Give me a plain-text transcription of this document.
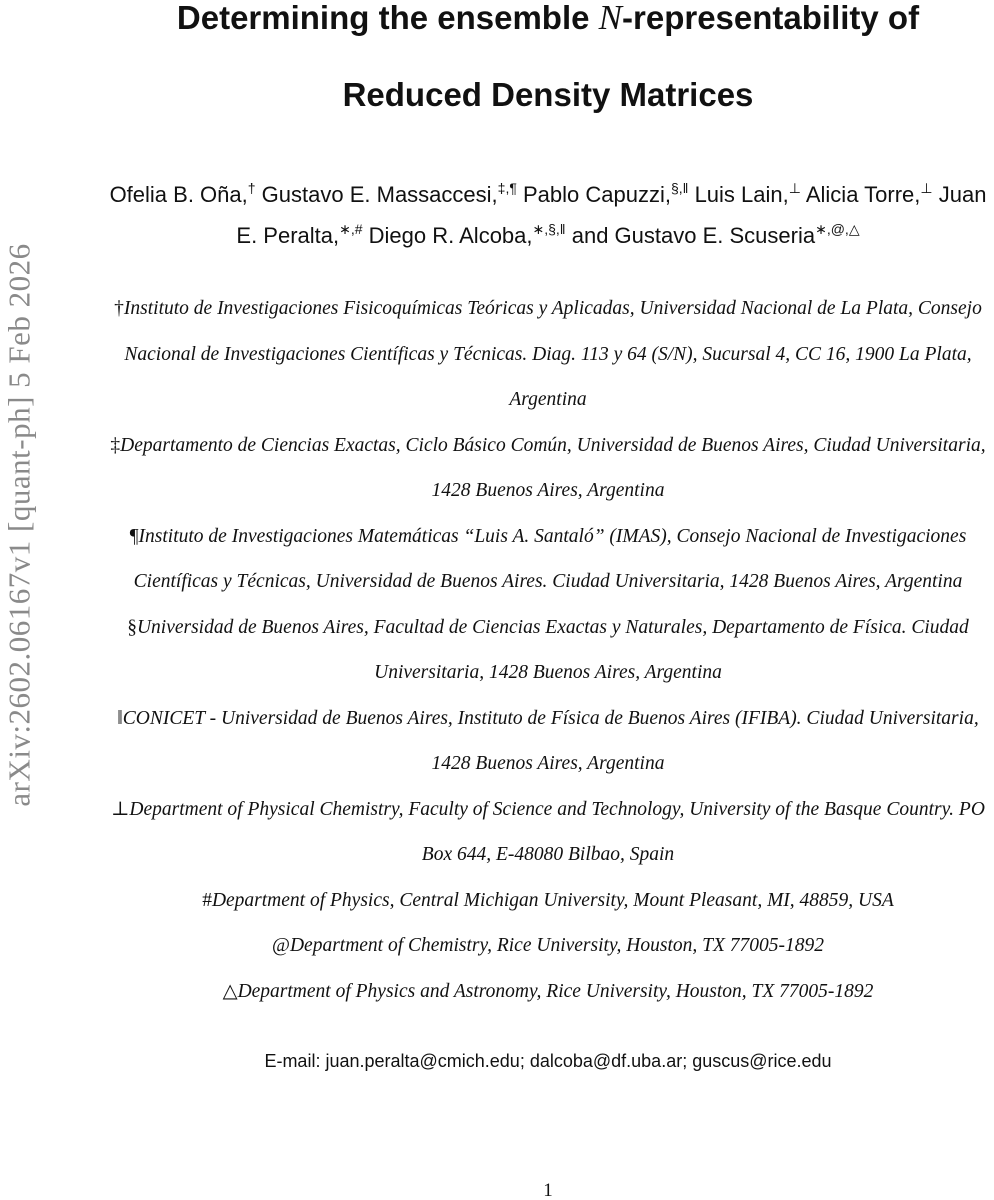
arXiv:2602.06167v1 [quant-ph] 5 Feb 2026
Determining the ensemble N-representability of
Reduced Density Matrices
Ofelia B. Oña,† Gustavo E. Massaccesi,‡,¶ Pablo Capuzzi,§,‖ Luis Lain,⊥ Alicia Torre,⊥ Juan E. Peralta,∗,# Diego R. Alcoba,∗,§,‖ and Gustavo E. Scuseria∗,@,△

†Instituto de Investigaciones Fisicoquímicas Teóricas y Aplicadas, Universidad Nacional de La Plata, Consejo Nacional de Investigaciones Científicas y Técnicas. Diag. 113 y 64 (S/N), Sucursal 4, CC 16, 1900 La Plata, Argentina

‡Departamento de Ciencias Exactas, Ciclo Básico Común, Universidad de Buenos Aires, Ciudad Universitaria, 1428 Buenos Aires, Argentina

¶Instituto de Investigaciones Matemáticas “Luis A. Santaló” (IMAS), Consejo Nacional de Investigaciones Científicas y Técnicas, Universidad de Buenos Aires. Ciudad Universitaria, 1428 Buenos Aires, Argentina

§Universidad de Buenos Aires, Facultad de Ciencias Exactas y Naturales, Departamento de Física. Ciudad Universitaria, 1428 Buenos Aires, Argentina

‖CONICET - Universidad de Buenos Aires, Instituto de Física de Buenos Aires (IFIBA). Ciudad Universitaria, 1428 Buenos Aires, Argentina

⊥Department of Physical Chemistry, Faculty of Science and Technology, University of the Basque Country. PO Box 644, E-48080 Bilbao, Spain

#Department of Physics, Central Michigan University, Mount Pleasant, MI, 48859, USA

@Department of Chemistry, Rice University, Houston, TX 77005-1892

△Department of Physics and Astronomy, Rice University, Houston, TX 77005-1892

E-mail: juan.peralta@cmich.edu; dalcoba@df.uba.ar; guscus@rice.edu
1
